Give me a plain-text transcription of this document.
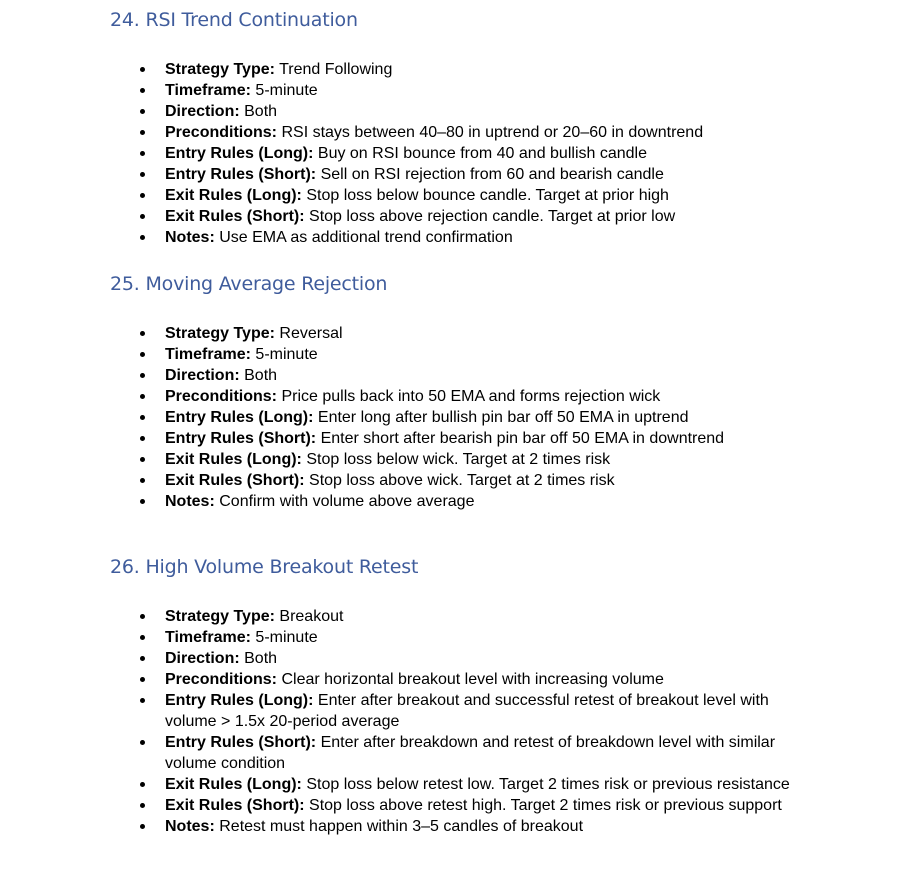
24. RSI Trend Continuation
Strategy Type: Trend Following
Timeframe: 5-minute
Direction: Both
Preconditions: RSI stays between 40–80 in uptrend or 20–60 in downtrend
Entry Rules (Long): Buy on RSI bounce from 40 and bullish candle
Entry Rules (Short): Sell on RSI rejection from 60 and bearish candle
Exit Rules (Long): Stop loss below bounce candle. Target at prior high
Exit Rules (Short): Stop loss above rejection candle. Target at prior low
Notes: Use EMA as additional trend confirmation
25. Moving Average Rejection
Strategy Type: Reversal
Timeframe: 5-minute
Direction: Both
Preconditions: Price pulls back into 50 EMA and forms rejection wick
Entry Rules (Long): Enter long after bullish pin bar off 50 EMA in uptrend
Entry Rules (Short): Enter short after bearish pin bar off 50 EMA in downtrend
Exit Rules (Long): Stop loss below wick. Target at 2 times risk
Exit Rules (Short): Stop loss above wick. Target at 2 times risk
Notes: Confirm with volume above average
26. High Volume Breakout Retest
Strategy Type: Breakout
Timeframe: 5-minute
Direction: Both
Preconditions: Clear horizontal breakout level with increasing volume
Entry Rules (Long): Enter after breakout and successful retest of breakout level with volume > 1.5x 20-period average
Entry Rules (Short): Enter after breakdown and retest of breakdown level with similar volume condition
Exit Rules (Long): Stop loss below retest low. Target 2 times risk or previous resistance
Exit Rules (Short): Stop loss above retest high. Target 2 times risk or previous support
Notes: Retest must happen within 3–5 candles of breakout
